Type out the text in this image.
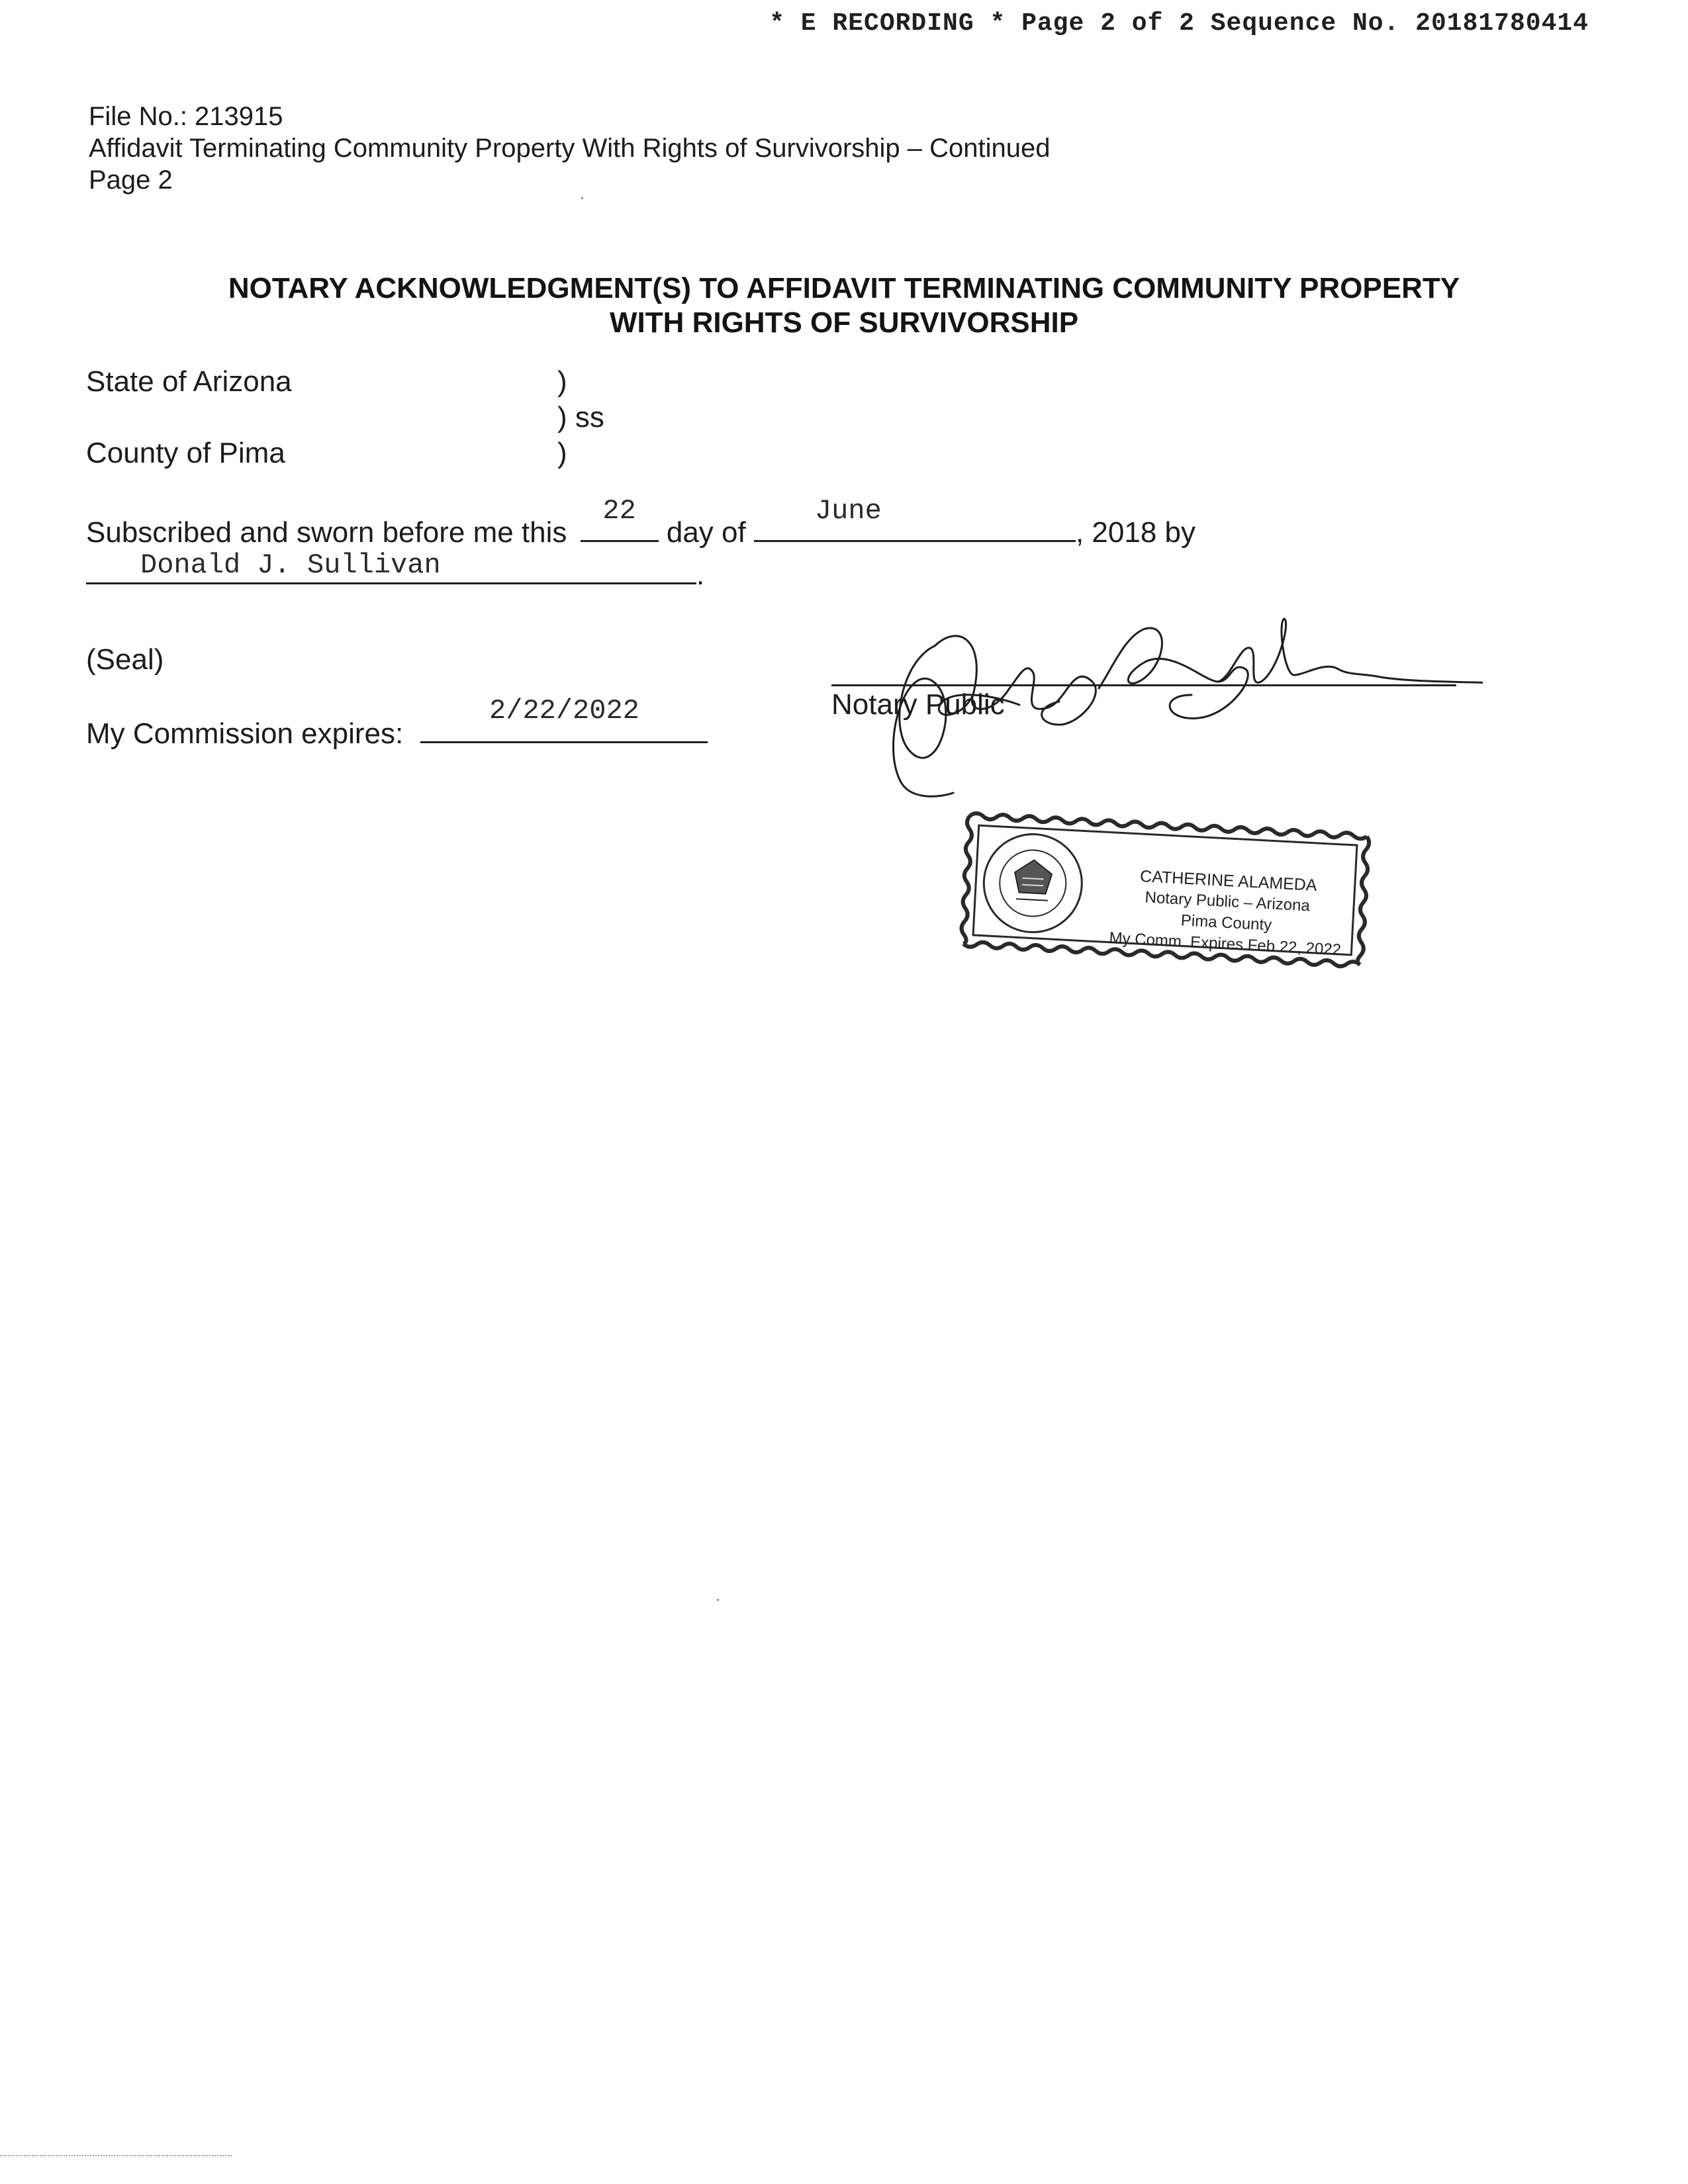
* E RECORDING * Page 2 of 2 Sequence No. 20181780414
File No.: 213915
Affidavit Terminating Community Property With Rights of Survivorship – Continued
Page 2
NOTARY ACKNOWLEDGMENT(S) TO AFFIDAVIT TERMINATING COMMUNITY PROPERTY
WITH RIGHTS OF SURVIVORSHIP
State of Arizona	)
) ss
County of Pima	)
Subscribed and sworn before me this
22
day of
June
, 2018 by
Donald J. Sullivan	.
(Seal)
My Commission expires:
2/22/2022	Notary Public
CATHERINE ALAMEDA
Notary Public – Arizona
Pima County
My Comm. Expires Feb 22, 2022
